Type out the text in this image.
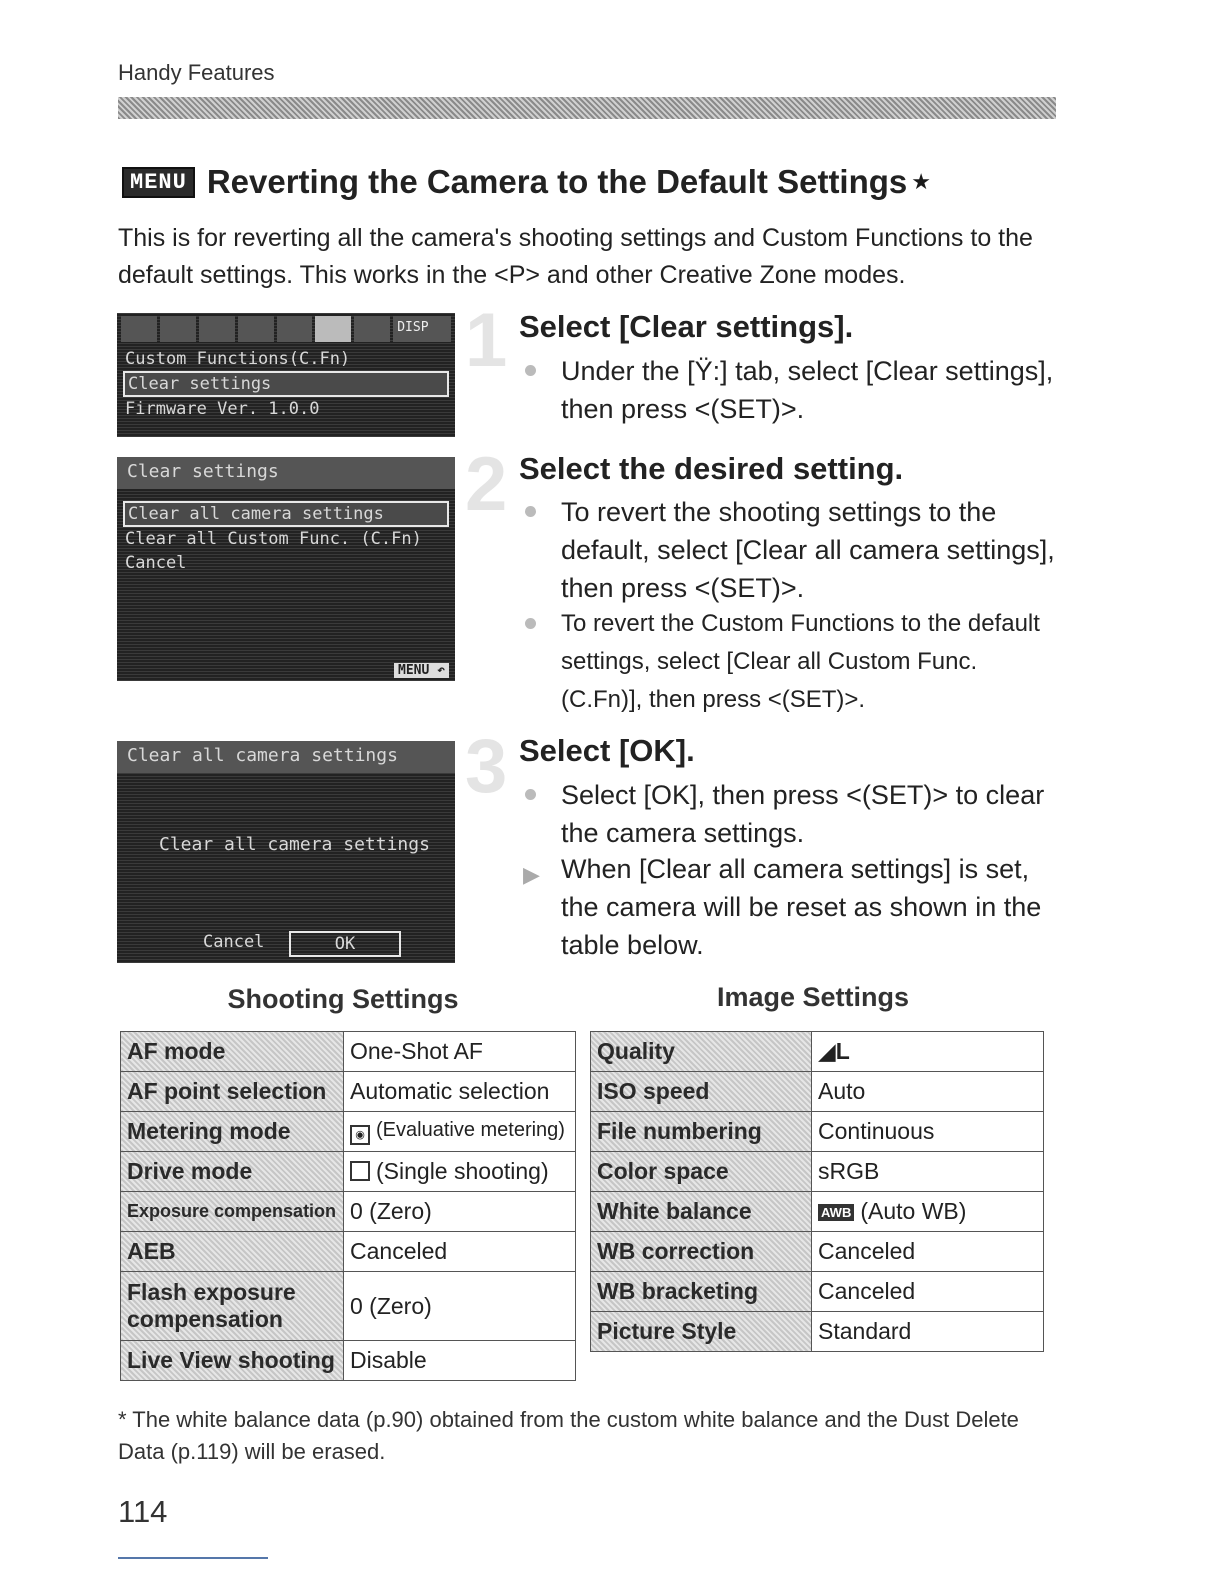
Handy Features
MENU Reverting the Camera to the Default Settings ★
This is for reverting all the camera's shooting settings and Custom Functions to the default settings. This works in the <P> and other Creative Zone modes.
DISP
Custom Functions(C.Fn)
Clear settings
Firmware Ver. 1.0.0
Clear settings
Clear all camera settings
Clear all Custom Func. (C.Fn)
Cancel
MENU ↶
Clear all camera settings
Clear all camera settings
Cancel	OK
1 Select [Clear settings].
Under the [Ÿ:] tab, select [Clear settings], then press <(SET)>.
2 Select the desired setting.
To revert the shooting settings to the default, select [Clear all camera settings], then press <(SET)>.
To revert the Custom Functions to the default settings, select [Clear all Custom Func. (C.Fn)], then press <(SET)>.
3 Select [OK].
Select [OK], then press <(SET)> to clear the camera settings.
▶ When [Clear all camera settings] is set, the camera will be reset as shown in the table below.
Shooting Settings	Image Settings
AF mode	One-Shot AF
AF point selection	Automatic selection
Metering mode	◉ (Evaluative metering)
Drive mode	(Single shooting)
Exposure compensation	0 (Zero)
AEB	Canceled
Flash exposure compensation	0 (Zero)
Live View shooting	Disable
Quality	◢L
ISO speed	Auto
File numbering	Continuous
Color space	sRGB
White balance	AWB (Auto WB)
WB correction	Canceled
WB bracketing	Canceled
Picture Style	Standard
* The white balance data (p.90) obtained from the custom white balance and the Dust Delete Data (p.119) will be erased.
114
